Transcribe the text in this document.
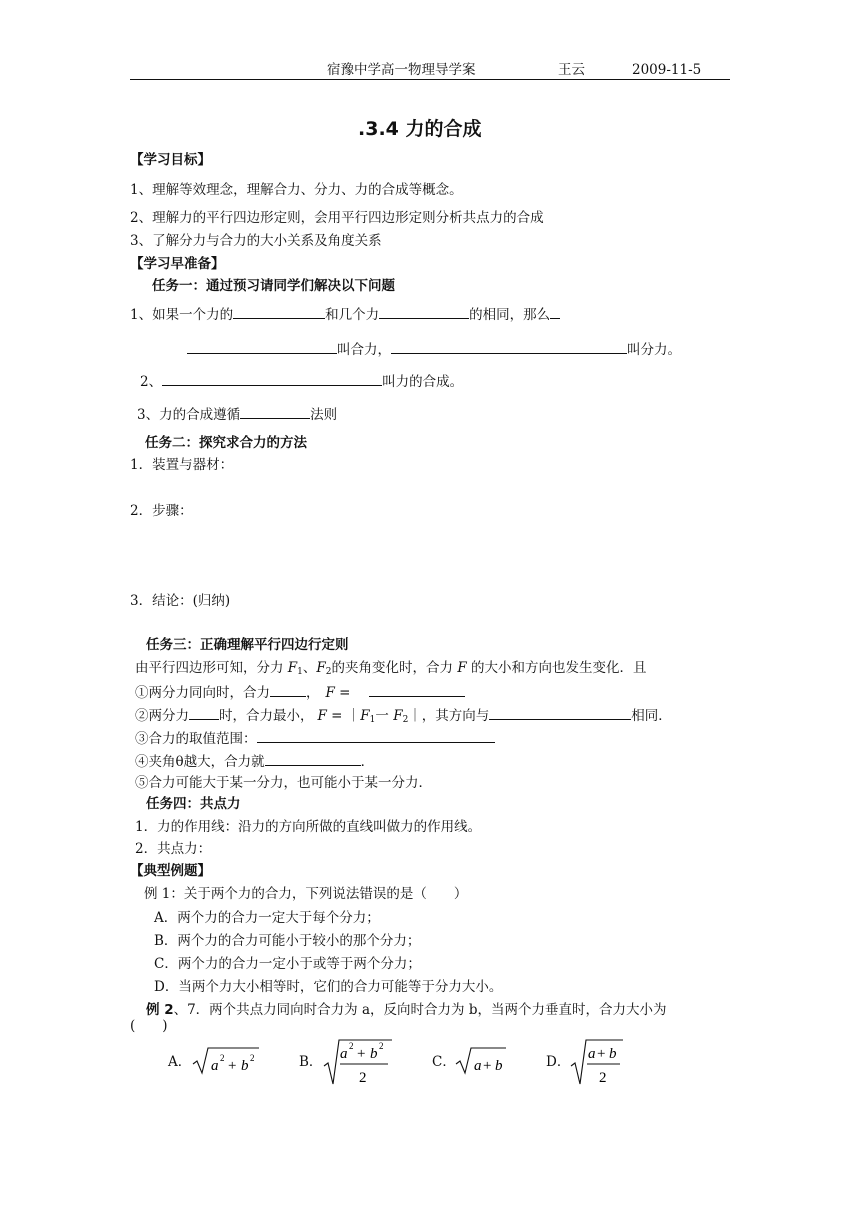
宿豫中学高一物理导学案	王云	2009-11-5
.3.4 力的合成
【学习目标】
1、理解等效理念，理解合力、分力、力的合成等概念。
2、理解力的平行四边形定则，会用平行四边形定则分析共点力的合成
3、了解分力与合力的大小关系及角度关系
【学习早准备】
任务一：通过预习请同学们解决以下问题
1、如果一个力的	和几个力	的相同，那么
叫合力，	叫分力。
2、	叫力的合成。
3、力的合成遵循	法则
任务二：探究求合力的方法
1．装置与器材：
2．步骤：
3．结论：(归纳)
任务三：正确理解平行四边行定则
由平行四边形可知，分力 $F_1$、$F_2$的夹角变化时，合力 F 的大小和方向也发生变化．且
①两分力同向时，合力	， F =
②两分力 时，合力最小， $F = |F_1$一 $F_2|$，其方向与	相同．
③合力的取值范围：
④夹角θ越大，合力就	．
⑤合力可能大于某一分力，也可能小于某一分力．
任务四：共点力
1．力的作用线：沿力的方向所做的直线叫做力的作用线。
2．共点力：
【典型例题】
例 1：关于两个力的合力，下列说法错误的是（　　）
A．两个力的合力一定大于每个分力；
B．两个力的合力可能小于较小的那个分力；
C．两个力的合力一定小于或等于两个分力；
D．当两个力大小相等时，它们的合力可能等于分力大小。
例 2、7．两个共点力同向时合力为 a，反向时合力为 b，当两个力垂直时，合力大小为
(　　)
A． a 2 + b 2	B． a 2 + b 2
2
C． a + b	D． a + b
2
